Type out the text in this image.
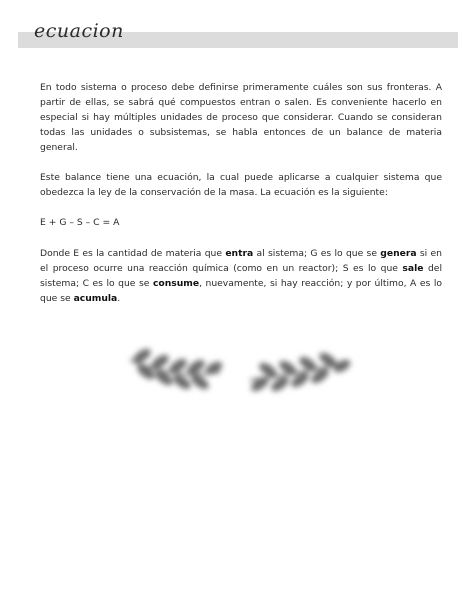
ecuacion

En todo sistema o proceso debe definirse primeramente cuáles son sus fronteras. A partir de ellas, se sabrá qué compuestos entran o salen. Es conveniente hacerlo en especial si hay múltiples unidades de proceso que considerar. Cuando se consideran todas las unidades o subsistemas, se habla entonces de un balance de materia general.

Este balance tiene una ecuación, la cual puede aplicarse a cualquier sistema que obedezca la ley de la conservación de la masa. La ecuación es la siguiente:

E + G – S – C = A

Donde E es la cantidad de materia que entra al sistema; G es lo que se genera si en el proceso ocurre una reacción química (como en un reactor); S es lo que sale del sistema; C es lo que se consume, nuevamente, si hay reacción; y por último, A es lo que se acumula.
